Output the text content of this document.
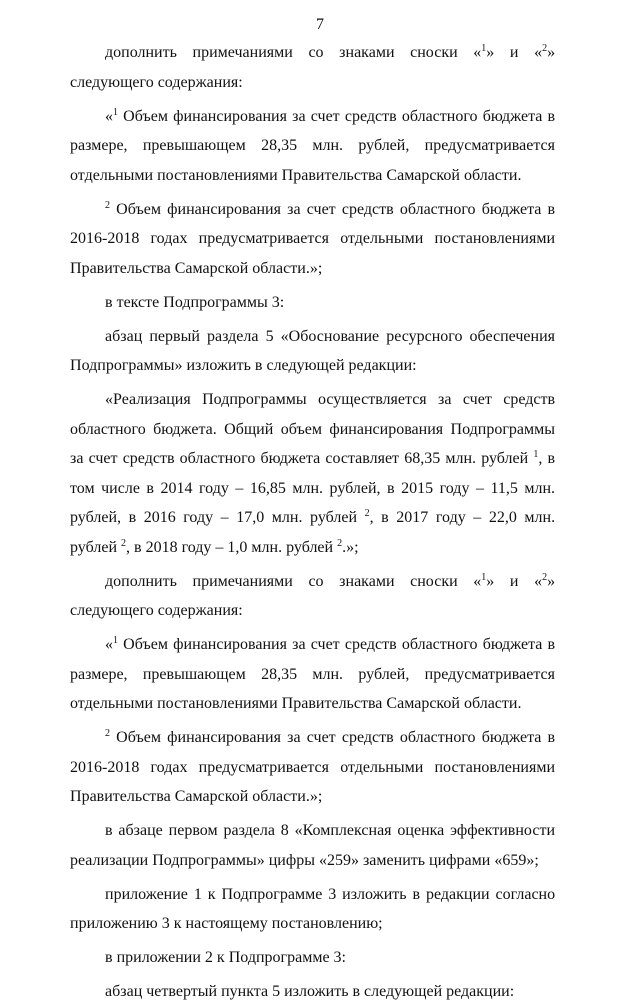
7

дополнить примечаниями со знаками сноски «$^1$» и «$^2$» следующего содержания:

«$^1$ Объем финансирования за счет средств областного бюджета в размере, превышающем 28,35 млн. рублей, предусматривается отдельными постановлениями Правительства Самарской области.

$^2$ Объем финансирования за счет средств областного бюджета в 2016-2018 годах предусматривается отдельными постановлениями Правительства Самарской области.»;

в тексте Подпрограммы 3:

абзац первый раздела 5 «Обоснование ресурсного обеспечения Подпрограммы» изложить в следующей редакции:

«Реализация Подпрограммы осуществляется за счет средств областного бюджета. Общий объем финансирования Подпрограммы за счет средств областного бюджета составляет 68,35 млн. рублей $^1$, в том числе в 2014 году – 16,85 млн. рублей, в 2015 году – 11,5 млн. рублей, в 2016 году – 17,0 млн. рублей $^2$, в 2017 году – 22,0 млн. рублей $^2$, в 2018 году – 1,0 млн. рублей $^2$.»;

дополнить примечаниями со знаками сноски «$^1$» и «$^2$» следующего содержания:

«$^1$ Объем финансирования за счет средств областного бюджета в размере, превышающем 28,35 млн. рублей, предусматривается отдельными постановлениями Правительства Самарской области.

$^2$ Объем финансирования за счет средств областного бюджета в 2016-2018 годах предусматривается отдельными постановлениями Правительства Самарской области.»;

в абзаце первом раздела 8 «Комплексная оценка эффективности реализации Подпрограммы» цифры «259» заменить цифрами «659»;

приложение 1 к Подпрограмме 3 изложить в редакции согласно приложению 3 к настоящему постановлению;

в приложении 2 к Подпрограмме 3:

абзац четвертый пункта 5 изложить в следующей редакции:
